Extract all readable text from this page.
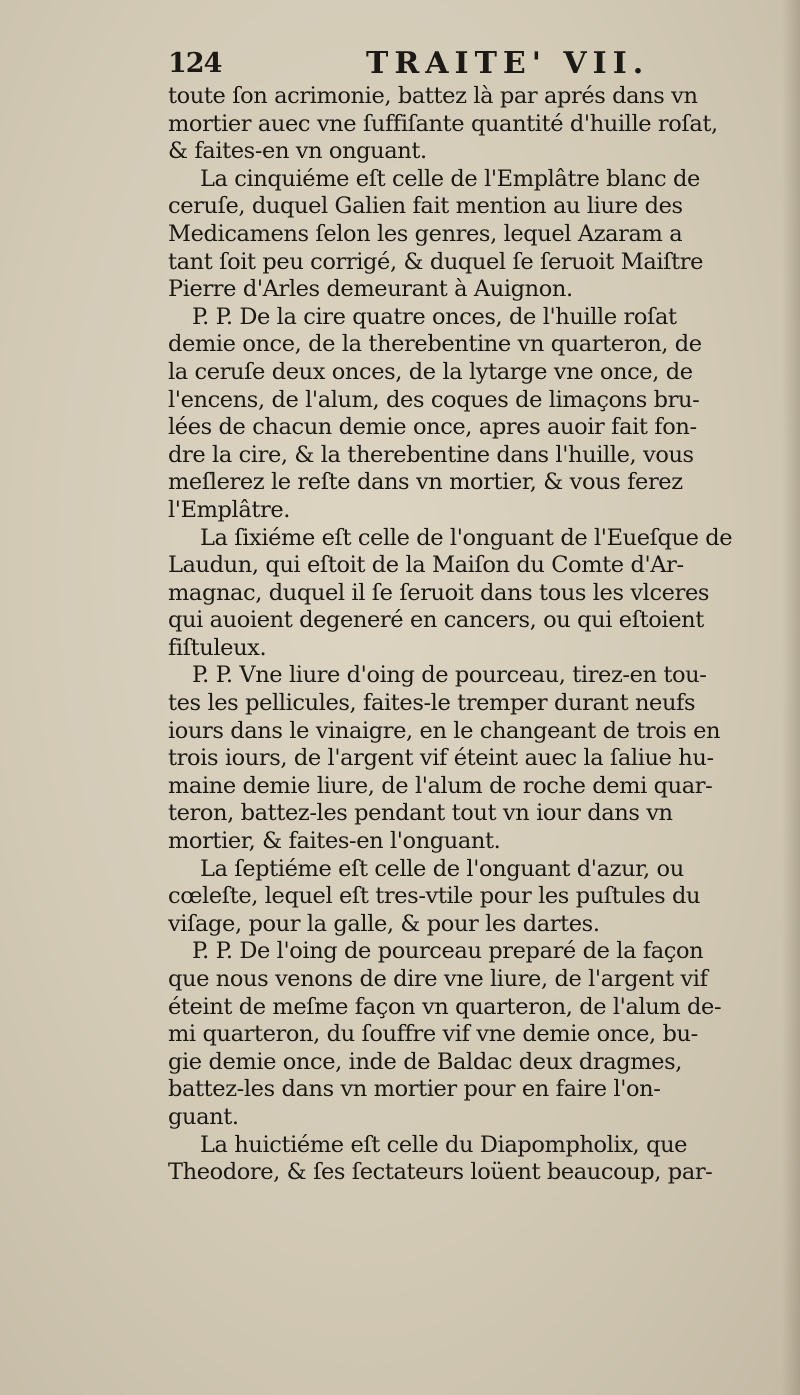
124	TRAITE' VII.
toute ſon acrimonie, battez là par aprés dans vn
mortier auec vne ſuffiſante quantité d'huille roſat,
& faites-en vn onguant.
La cinquiéme eſt celle de l'Emplâtre blanc de
ceruſe, duquel Galien fait mention au liure des
Medicamens ſelon les genres, lequel Azaram a
tant ſoit peu corrigé, & duquel ſe ſeruoit Maiſtre
Pierre d'Arles demeurant à Auignon.
P. P. De la cire quatre onces, de l'huille roſat
demie once, de la therebentine vn quarteron, de
la ceruſe deux onces, de la lytarge vne once, de
l'encens, de l'alum, des coques de limaçons bru-
lées de chacun demie once, apres auoir fait fon-
dre la cire, & la therebentine dans l'huille, vous
meſlerez le reſte dans vn mortier, & vous ferez
l'Emplâtre.
La ſixiéme eſt celle de l'onguant de l'Eueſque de
Laudun, qui eſtoit de la Maiſon du Comte d'Ar-
magnac, duquel il ſe ſeruoit dans tous les vlceres
qui auoient degeneré en cancers, ou qui eſtoient
fiſtuleux.
P. P. Vne liure d'oing de pourceau, tirez-en tou-
tes les pellicules, faites-le tremper durant neufs
iours dans le vinaigre, en le changeant de trois en
trois iours, de l'argent vif éteint auec la ſaliue hu-
maine demie liure, de l'alum de roche demi quar-
teron, battez-les pendant tout vn iour dans vn
mortier, & faites-en l'onguant.
La ſeptiéme eſt celle de l'onguant d'azur, ou
cœleſte, lequel eſt tres-vtile pour les puſtules du
viſage, pour la galle, & pour les dartes.
P. P. De l'oing de pourceau preparé de la façon
que nous venons de dire vne liure, de l'argent vif
éteint de meſme façon vn quarteron, de l'alum de-
mi quarteron, du ſouffre vif vne demie once, bu-
gie demie once, inde de Baldac deux dragmes,
battez-les dans vn mortier pour en faire l'on-
guant.
La huictiéme eſt celle du Diapompholix, que
Theodore, & ſes ſectateurs loüent beaucoup, par-
